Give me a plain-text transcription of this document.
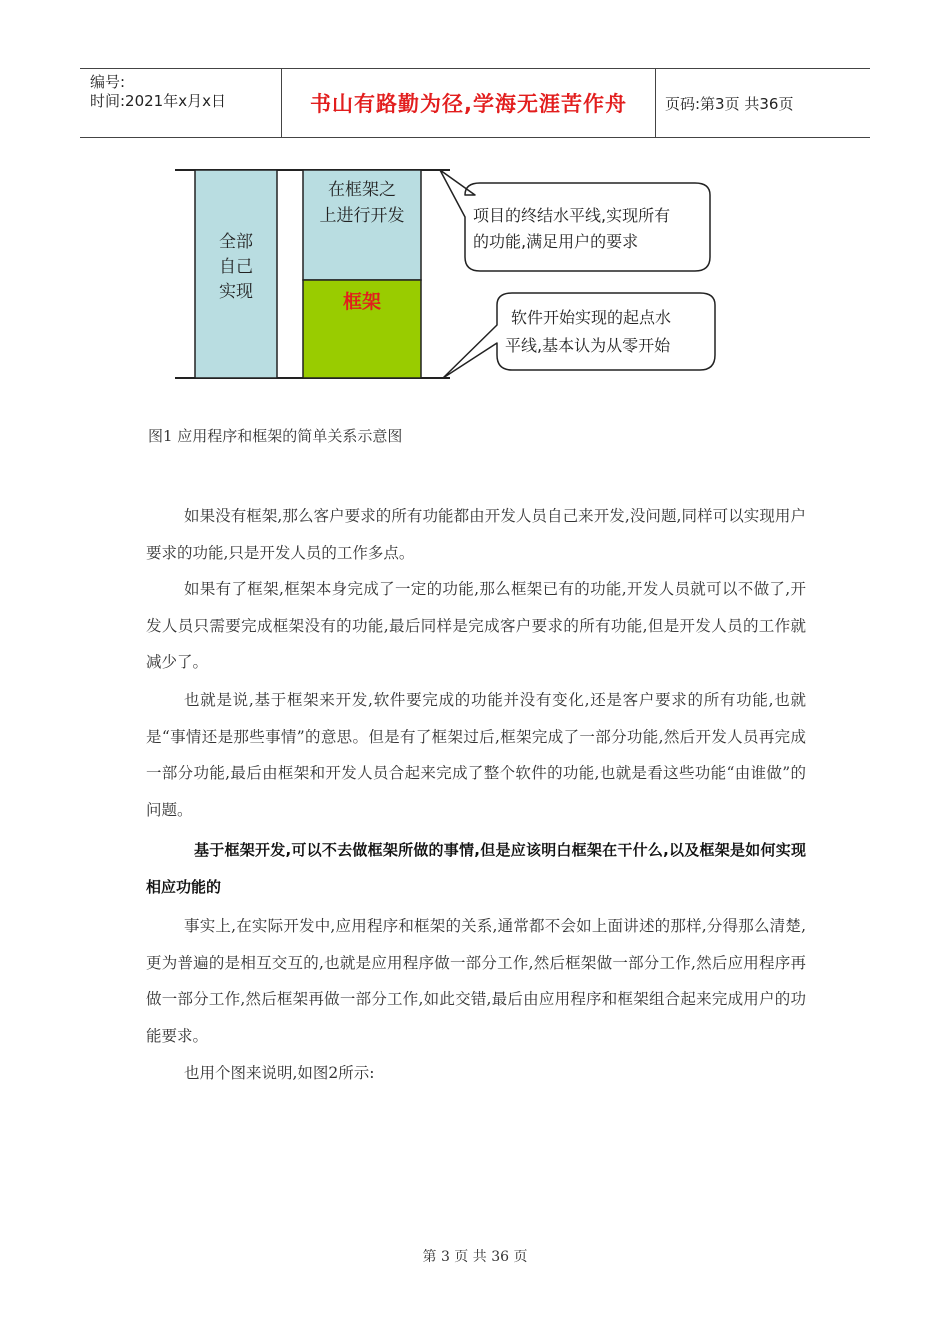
编号:
时间:2021年x月x日	书山有路勤为径,学海无涯苦作舟	页码:第3页 共36页
全部
自己
实现
在框架之
上进行开发
框架
项目的终结水平线,实现所有
的功能,满足用户的要求
软件开始实现的起点水
平线,基本认为从零开始
图1 应用程序和框架的简单关系示意图

如果没有框架,那么客户要求的所有功能都由开发人员自己来开发,没问题,同样可以实现用户要求的功能,只是开发人员的工作多点。

如果有了框架,框架本身完成了一定的功能,那么框架已有的功能,开发人员就可以不做了,开发人员只需要完成框架没有的功能,最后同样是完成客户要求的所有功能,但是开发人员的工作就减少了。

也就是说,基于框架来开发,软件要完成的功能并没有变化,还是客户要求的所有功能,也就是“事情还是那些事情”的意思。但是有了框架过后,框架完成了一部分功能,然后开发人员再完成一部分功能,最后由框架和开发人员合起来完成了整个软件的功能,也就是看这些功能“由谁做”的问题。

基于框架开发,可以不去做框架所做的事情,但是应该明白框架在干什么,以及框架是如何实现相应功能的

事实上,在实际开发中,应用程序和框架的关系,通常都不会如上面讲述的那样,分得那么清楚,更为普遍的是相互交互的,也就是应用程序做一部分工作,然后框架做一部分工作,然后应用程序再做一部分工作,然后框架再做一部分工作,如此交错,最后由应用程序和框架组合起来完成用户的功能要求。

也用个图来说明,如图2所示:

第 3 页 共 36 页
